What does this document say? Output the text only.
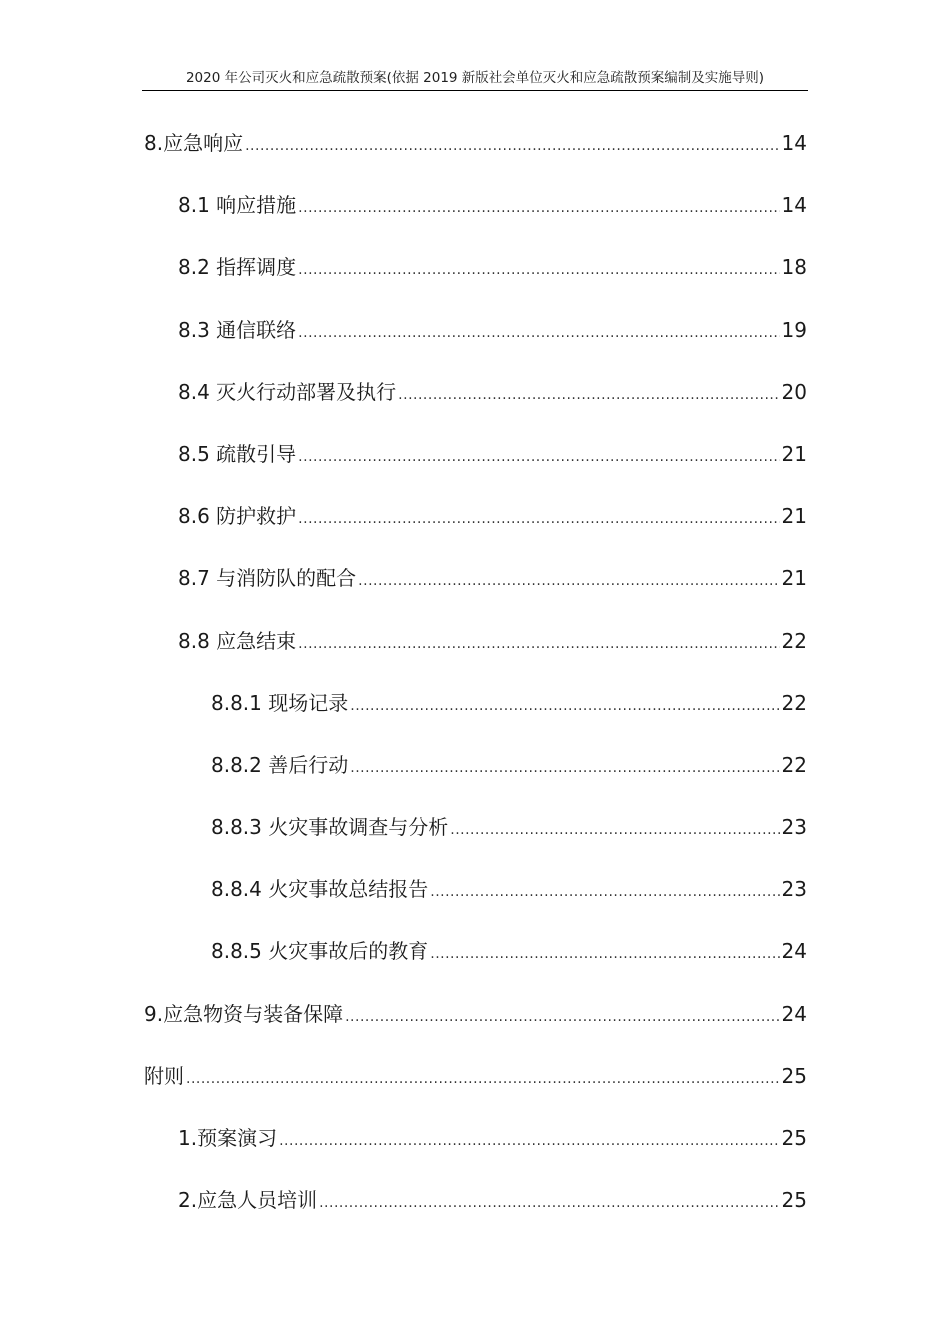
2020 年公司灭火和应急疏散预案(依据 2019 新版社会单位灭火和应急疏散预案编制及实施导则)
8.应急响应 .....	14
8.1 响应措施 .....	14
8.2 指挥调度 .....	18
8.3 通信联络 .....	19
8.4 灭火行动部署及执行 .....	20
8.5 疏散引导 .....	21
8.6 防护救护 .....	21
8.7 与消防队的配合 .....	21
8.8 应急结束 .....	22
8.8.1 现场记录 .....	22
8.8.2 善后行动 .....	22
8.8.3 火灾事故调查与分析 .....	23
8.8.4 火灾事故总结报告 .....	23
8.8.5 火灾事故后的教育 .....	24
9.应急物资与装备保障 .....	24
附则 .....	25
1.预案演习 .....	25
2.应急人员培训 .....	25
